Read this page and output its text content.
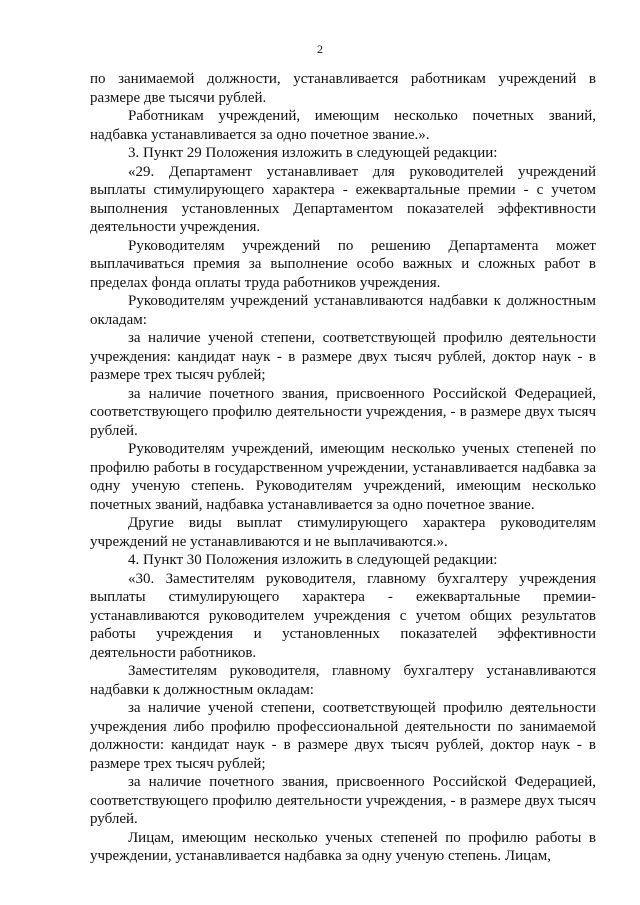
2

по занимаемой должности, устанавливается работникам учреждений в размере две тысячи рублей.

Работникам учреждений, имеющим несколько почетных званий, надбавка устанавливается за одно почетное звание.».

3. Пункт 29 Положения изложить в следующей редакции:

«29. Департамент устанавливает для руководителей учреждений выплаты стимулирующего характера - ежеквартальные премии - с учетом выполнения установленных Департаментом показателей эффективности деятельности учреждения.

Руководителям учреждений по решению Департамента может выплачиваться премия за выполнение особо важных и сложных работ в пределах фонда оплаты труда работников учреждения.

Руководителям учреждений устанавливаются надбавки к должностным окладам:

за наличие ученой степени, соответствующей профилю деятельности учреждения: кандидат наук - в размере двух тысяч рублей, доктор наук - в размере трех тысяч рублей;

за наличие почетного звания, присвоенного Российской Федерацией, соответствующего профилю деятельности учреждения, - в размере двух тысяч рублей.

Руководителям учреждений, имеющим несколько ученых степеней по профилю работы в государственном учреждении, устанавливается надбавка за одну ученую степень. Руководителям учреждений, имеющим несколько почетных званий, надбавка устанавливается за одно почетное звание.

Другие виды выплат стимулирующего характера руководителям учреждений не устанавливаются и не выплачиваются.».

4. Пункт 30 Положения изложить в следующей редакции:

«30. Заместителям руководителя, главному бухгалтеру учреждения выплаты стимулирующего характера - ежеквартальные премии- устанавливаются руководителем учреждения с учетом общих результатов работы учреждения и установленных показателей эффективности деятельности работников.

Заместителям руководителя, главному бухгалтеру устанавливаются надбавки к должностным окладам:

за наличие ученой степени, соответствующей профилю деятельности учреждения либо профилю профессиональной деятельности по занимаемой должности: кандидат наук - в размере двух тысяч рублей, доктор наук - в размере трех тысяч рублей;

за наличие почетного звания, присвоенного Российской Федерацией, соответствующего профилю деятельности учреждения, - в размере двух тысяч рублей.

Лицам, имеющим несколько ученых степеней по профилю работы в учреждении, устанавливается надбавка за одну ученую степень. Лицам,
